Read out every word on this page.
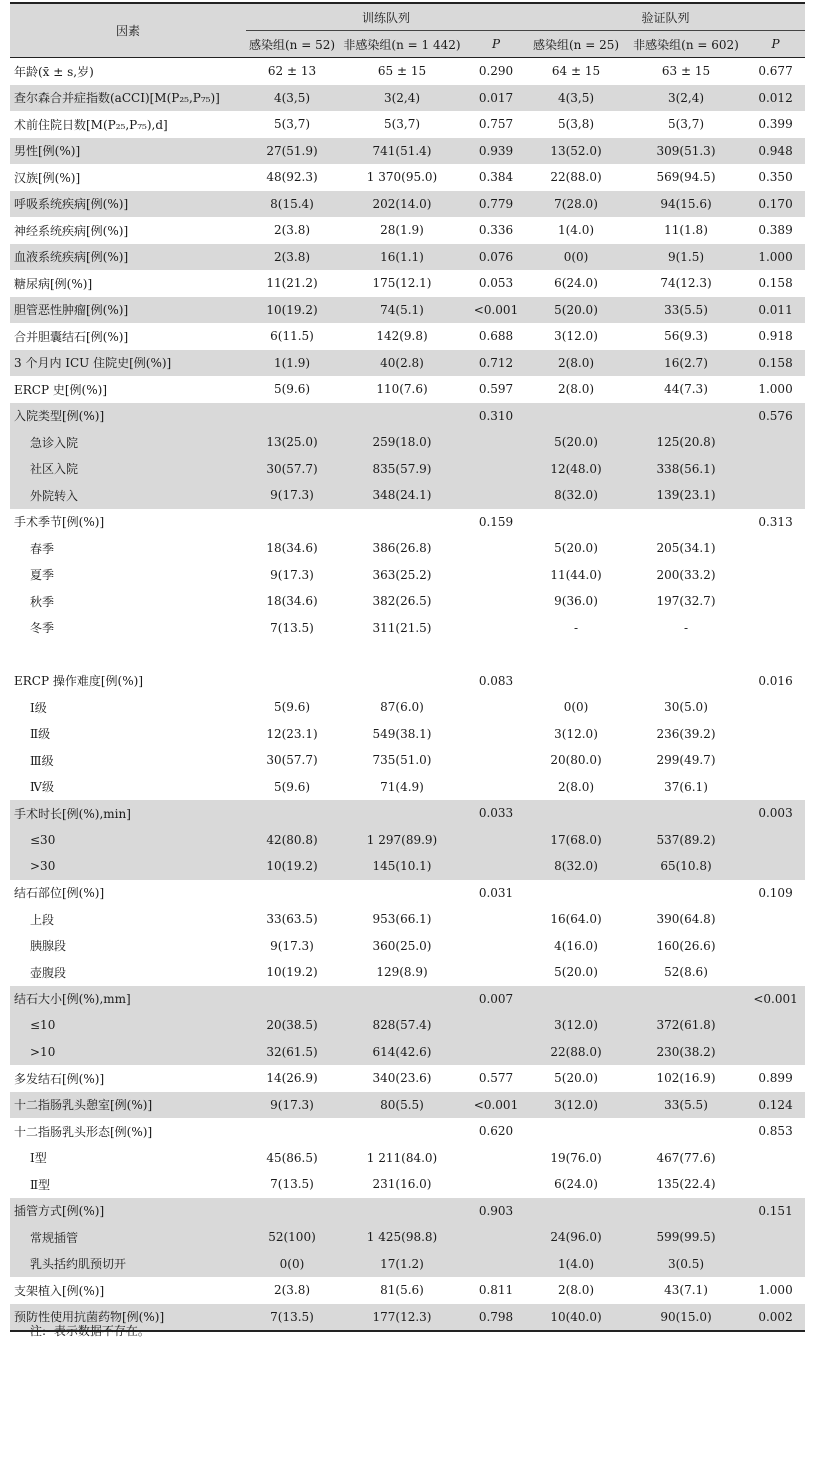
因素	训练队列			验证队列		
	感染组(n = 52)	非感染组(n = 1 442)	P	感染组(n = 25)	非感染组(n = 602)	P
年龄(x̄ ± s,岁)	62 ± 13	65 ± 15	0.290	64 ± 15	63 ± 15	0.677
查尔森合并症指数(aCCI)[M(P₂₅,P₇₅)]	4(3,5)	3(2,4)	0.017	4(3,5)	3(2,4)	0.012
术前住院日数[M(P₂₅,P₇₅),d]	5(3,7)	5(3,7)	0.757	5(3,8)	5(3,7)	0.399
男性[例(%)]	27(51.9)	741(51.4)	0.939	13(52.0)	309(51.3)	0.948
汉族[例(%)]	48(92.3)	1 370(95.0)	0.384	22(88.0)	569(94.5)	0.350
呼吸系统疾病[例(%)]	8(15.4)	202(14.0)	0.779	7(28.0)	94(15.6)	0.170
神经系统疾病[例(%)]	2(3.8)	28(1.9)	0.336	1(4.0)	11(1.8)	0.389
血液系统疾病[例(%)]	2(3.8)	16(1.1)	0.076	0(0)	9(1.5)	1.000
糖尿病[例(%)]	11(21.2)	175(12.1)	0.053	6(24.0)	74(12.3)	0.158
胆管恶性肿瘤[例(%)]	10(19.2)	74(5.1)	<0.001	5(20.0)	33(5.5)	0.011
合并胆囊结石[例(%)]	6(11.5)	142(9.8)	0.688	3(12.0)	56(9.3)	0.918
3 个月内 ICU 住院史[例(%)]	1(1.9)	40(2.8)	0.712	2(8.0)	16(2.7)	0.158
ERCP 史[例(%)]	5(9.6)	110(7.6)	0.597	2(8.0)	44(7.3)	1.000
入院类型[例(%)]			0.310			0.576
急诊入院	13(25.0)	259(18.0)		5(20.0)	125(20.8)	
社区入院	30(57.7)	835(57.9)		12(48.0)	338(56.1)	
外院转入	9(17.3)	348(24.1)		8(32.0)	139(23.1)	
手术季节[例(%)]			0.159			0.313
春季	18(34.6)	386(26.8)		5(20.0)	205(34.1)	
夏季	9(17.3)	363(25.2)		11(44.0)	200(33.2)	
秋季	18(34.6)	382(26.5)		9(36.0)	197(32.7)	
冬季	7(13.5)	311(21.5)		-	-	

ERCP 操作难度[例(%)]			0.083			0.016
Ⅰ级	5(9.6)	87(6.0)		0(0)	30(5.0)	
Ⅱ级	12(23.1)	549(38.1)		3(12.0)	236(39.2)	
Ⅲ级	30(57.7)	735(51.0)		20(80.0)	299(49.7)	
Ⅳ级	5(9.6)	71(4.9)		2(8.0)	37(6.1)	
手术时长[例(%),min]			0.033			0.003
≤30	42(80.8)	1 297(89.9)		17(68.0)	537(89.2)	
>30	10(19.2)	145(10.1)		8(32.0)	65(10.8)	
结石部位[例(%)]			0.031			0.109
上段	33(63.5)	953(66.1)		16(64.0)	390(64.8)	
胰腺段	9(17.3)	360(25.0)		4(16.0)	160(26.6)	
壶腹段	10(19.2)	129(8.9)		5(20.0)	52(8.6)	
结石大小[例(%),mm]			0.007			<0.001
≤10	20(38.5)	828(57.4)		3(12.0)	372(61.8)	
>10	32(61.5)	614(42.6)		22(88.0)	230(38.2)	
多发结石[例(%)]	14(26.9)	340(23.6)	0.577	5(20.0)	102(16.9)	0.899
十二指肠乳头憩室[例(%)]	9(17.3)	80(5.5)	<0.001	3(12.0)	33(5.5)	0.124
十二指肠乳头形态[例(%)]			0.620			0.853
Ⅰ型	45(86.5)	1 211(84.0)		19(76.0)	467(77.6)	
Ⅱ型	7(13.5)	231(16.0)		6(24.0)	135(22.4)	
插管方式[例(%)]			0.903			0.151
常规插管	52(100)	1 425(98.8)		24(96.0)	599(99.5)	
乳头括约肌预切开	0(0)	17(1.2)		1(4.0)	3(0.5)	
支架植入[例(%)]	2(3.8)	81(5.6)	0.811	2(8.0)	43(7.1)	1.000
预防性使用抗菌药物[例(%)]	7(13.5)	177(12.3)	0.798	10(40.0)	90(15.0)	0.002
注:- 表示数据不存在。
